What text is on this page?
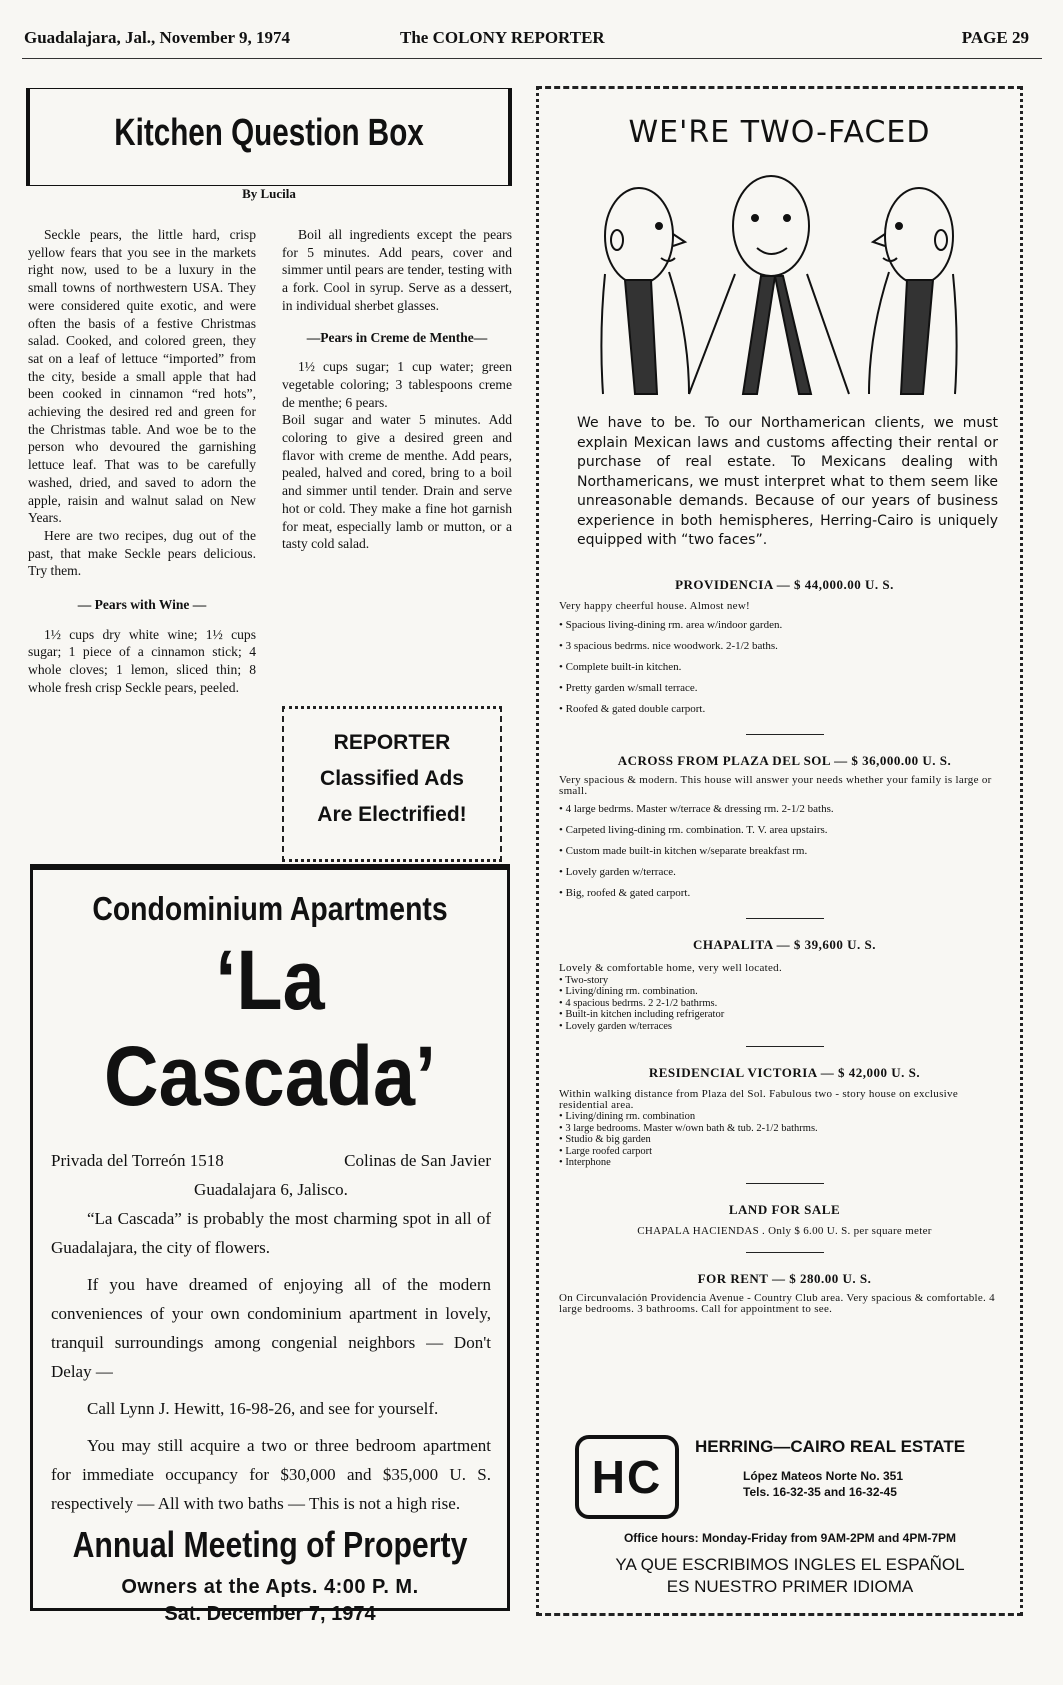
Guadalajara, Jal., November 9, 1974	The COLONY REPORTER	PAGE 29
Kitchen Question Box
By Lucila

Seckle pears, the little hard, crisp yellow fears that you see in the markets right now, used to be a luxury in the small towns of northwestern USA. They were considered quite exotic, and were often the basis of a festive Christmas salad. Cooked, and colored green, they sat on a leaf of lettuce “imported” from the city, beside a small apple that had been cooked in cinnamon “red hots”, achieving the desired red and green for the Christmas table. And woe be to the person who devoured the garnishing lettuce leaf. That was to be carefully washed, dried, and saved to adorn the apple, raisin and walnut salad on New Years.

Here are two recipes, dug out of the past, that make Seckle pears delicious. Try them.

— Pears with Wine —

1½ cups dry white wine; 1½ cups sugar; 1 piece of a cinnamon stick; 4 whole cloves; 1 lemon, sliced thin; 8 whole fresh crisp Seckle pears, peeled.

Boil all ingredients except the pears for 5 minutes. Add pears, cover and simmer until pears are tender, testing with a fork. Cool in syrup. Serve as a dessert, in individual sherbet glasses.

—Pears in Creme de Menthe—

1½ cups sugar; 1 cup water; green vegetable coloring; 3 tablespoons creme de menthe; 6 pears.

Boil sugar and water 5 minutes. Add coloring to give a desired green and flavor with creme de menthe. Add pears, pealed, halved and cored, bring to a boil and simmer until tender. Drain and serve hot or cold. They make a fine hot garnish for meat, especially lamb or mutton, or a tasty cold salad.

REPORTER
Classified Ads
Are Electrified!
Condominium Apartments
‘La Cascada’
Privada del Torreón 1518	Colinas de San Javier
Guadalajara 6, Jalisco.

“La Cascada” is probably the most charming spot in all of Guadalajara, the city of flowers.

If you have dreamed of enjoying all of the modern conveniences of your own condominium apartment in lovely, tranquil surroundings among congenial neighbors — Don't Delay —

Call Lynn J. Hewitt, 16-98-26, and see for yourself.

You may still acquire a two or three bedroom apartment for immediate occupancy for $30,000 and $35,000 U. S. respectively — All with two baths — This is not a high rise.

Annual Meeting of Property
Owners at the Apts. 4:00 P. M.
Sat. December 7, 1974
WE'RE TWO-FACED
We have to be. To our Northamerican clients, we must explain Mexican laws and customs affecting their rental or purchase of real estate. To Mexicans dealing with Northamericans, we must interpret what to them seem like unreasonable demands. Because of our years of business experience in both hemispheres, Herring-Cairo is uniquely equipped with “two faces”.
PROVIDENCIA — $ 44,000.00 U. S.
Very happy cheerful house. Almost new!
• Spacious living-dining rm. area w/indoor garden.
• 3 spacious bedrms. nice woodwork. 2-1/2 baths.
• Complete built-in kitchen.
• Pretty garden w/small terrace.
• Roofed & gated double carport.
ACROSS FROM PLAZA DEL SOL — $ 36,000.00 U. S.
Very spacious & modern. This house will answer your needs whether your family is large or small.
• 4 large bedrms. Master w/terrace & dressing rm. 2-1/2 baths.
• Carpeted living-dining rm. combination. T. V. area upstairs.
• Custom made built-in kitchen w/separate breakfast rm.
• Lovely garden w/terrace.
• Big, roofed & gated carport.
CHAPALITA — $ 39,600 U. S.
Lovely & comfortable home, very well located.
• Two-story
• Living/dining rm. combination.
• 4 spacious bedrms. 2 2-1/2 bathrms.
• Built-in kitchen including refrigerator
• Lovely garden w/terraces
RESIDENCIAL VICTORIA — $ 42,000 U. S.
Within walking distance from Plaza del Sol. Fabulous two - story house on exclusive residential area.
• Living/dining rm. combination
• 3 large bedrooms. Master w/own bath & tub. 2-1/2 bathrms.
• Studio & big garden
• Large roofed carport
• Interphone
LAND FOR SALE
CHAPALA HACIENDAS . Only $ 6.00 U. S. per square meter
FOR RENT — $ 280.00 U. S.
On Circunvalación Providencia Avenue - Country Club area. Very spacious & comfortable. 4 large bedrooms. 3 bathrooms. Call for appointment to see.
HC
HERRING—CAIRO REAL ESTATE
López Mateos Norte No. 351
Tels. 16-32-35 and 16-32-45
Office hours: Monday-Friday from 9AM-2PM and 4PM-7PM
YA QUE ESCRIBIMOS INGLES EL ESPAÑOL
ES NUESTRO PRIMER IDIOMA
